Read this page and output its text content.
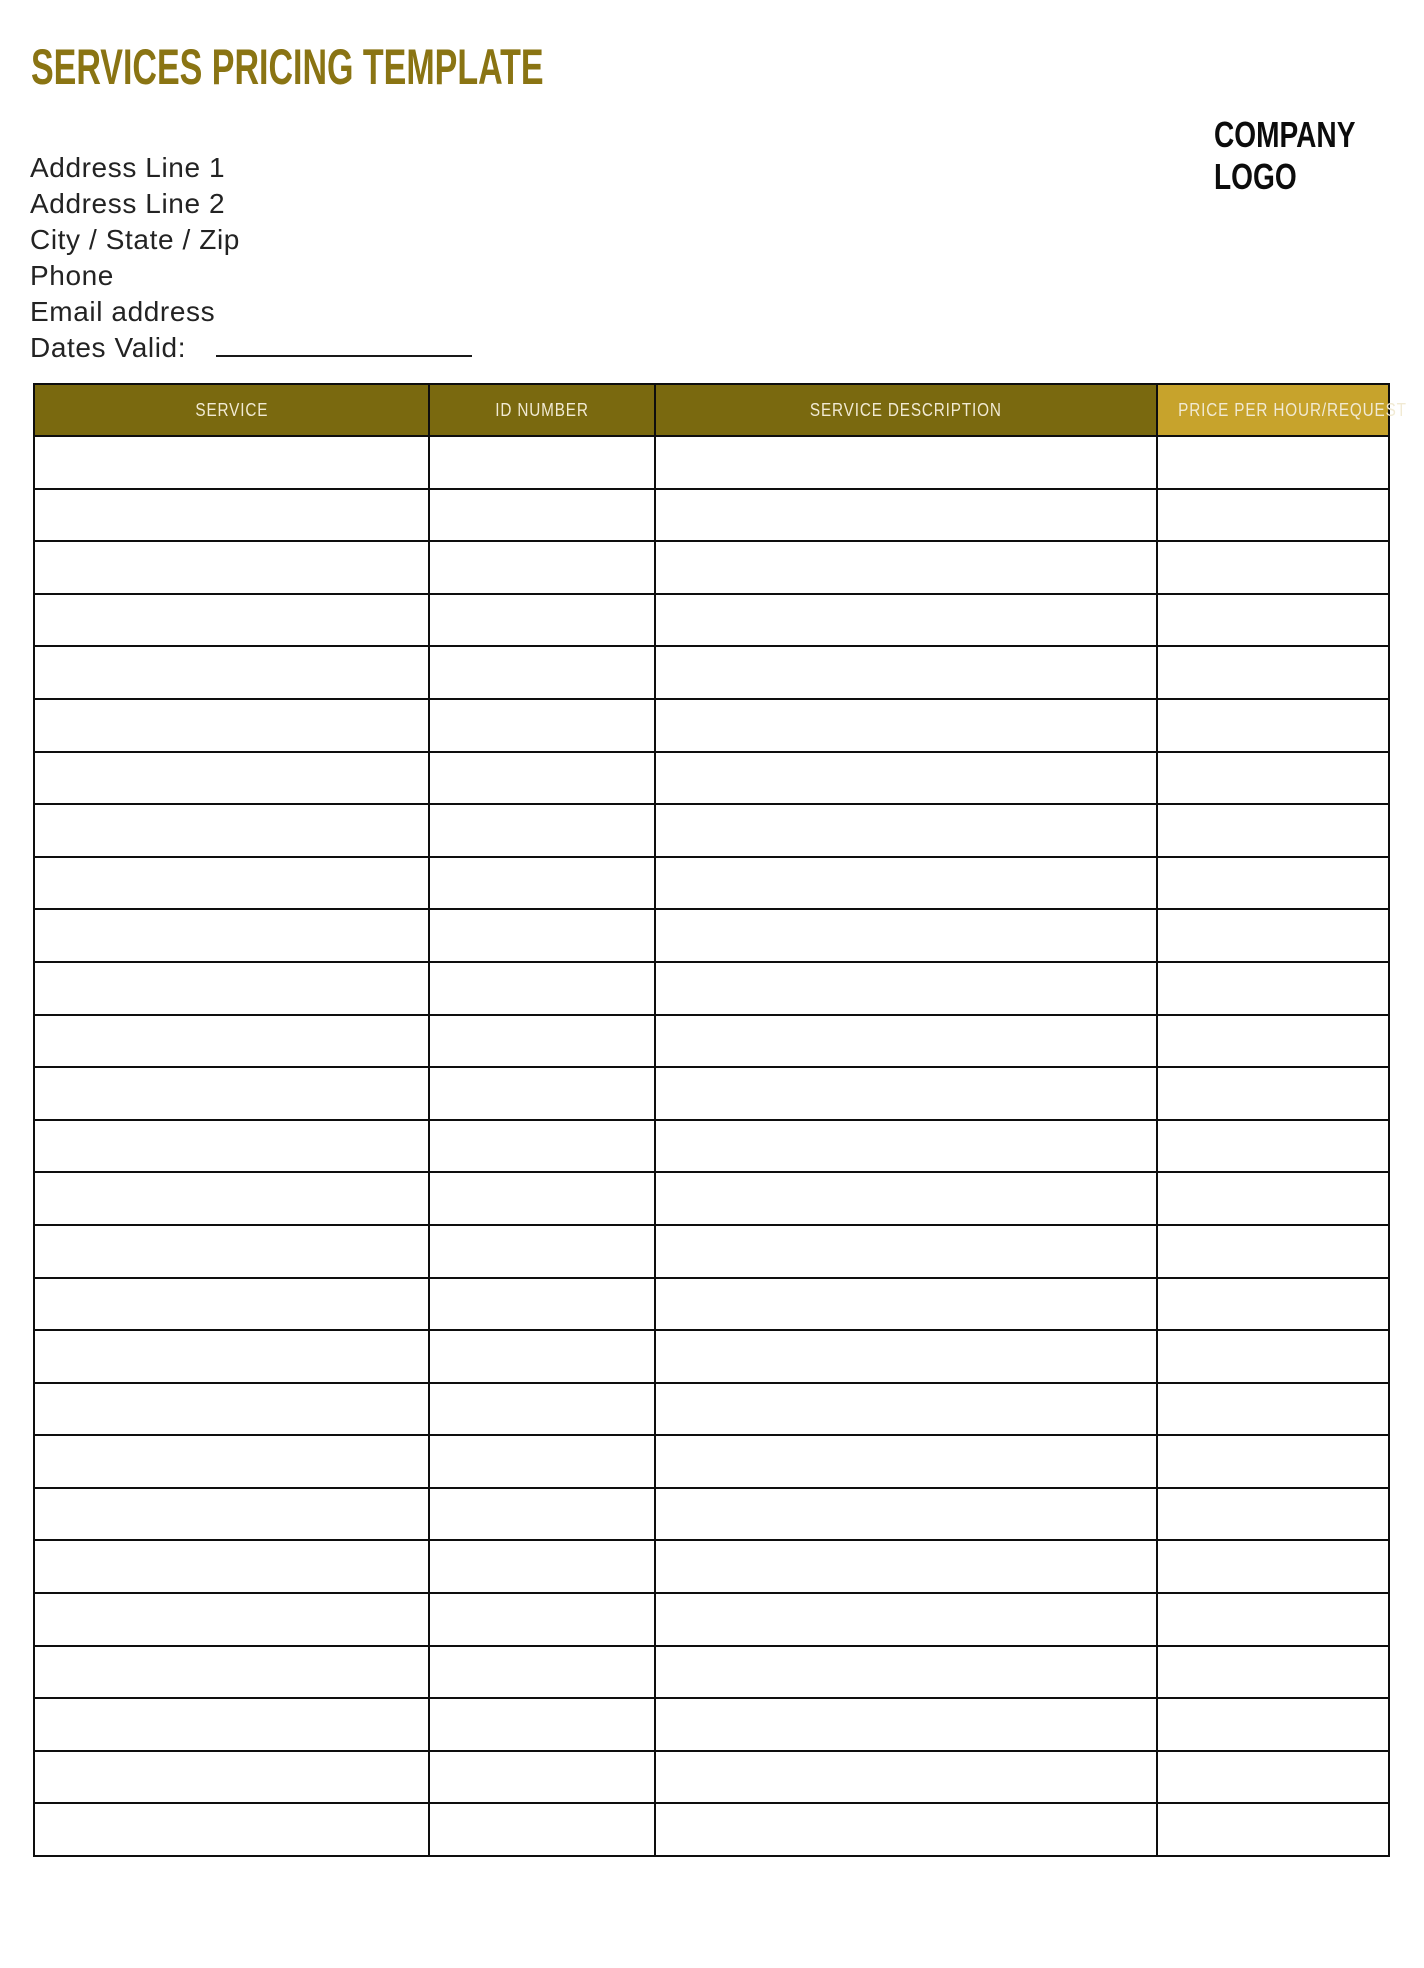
SERVICES PRICING TEMPLATE
COMPANY
LOGO
Address Line 1
Address Line 2
City / State / Zip
Phone
Email address
Dates Valid:
SERVICE	ID NUMBER	SERVICE DESCRIPTION	PRICE PER HOUR/REQUEST
